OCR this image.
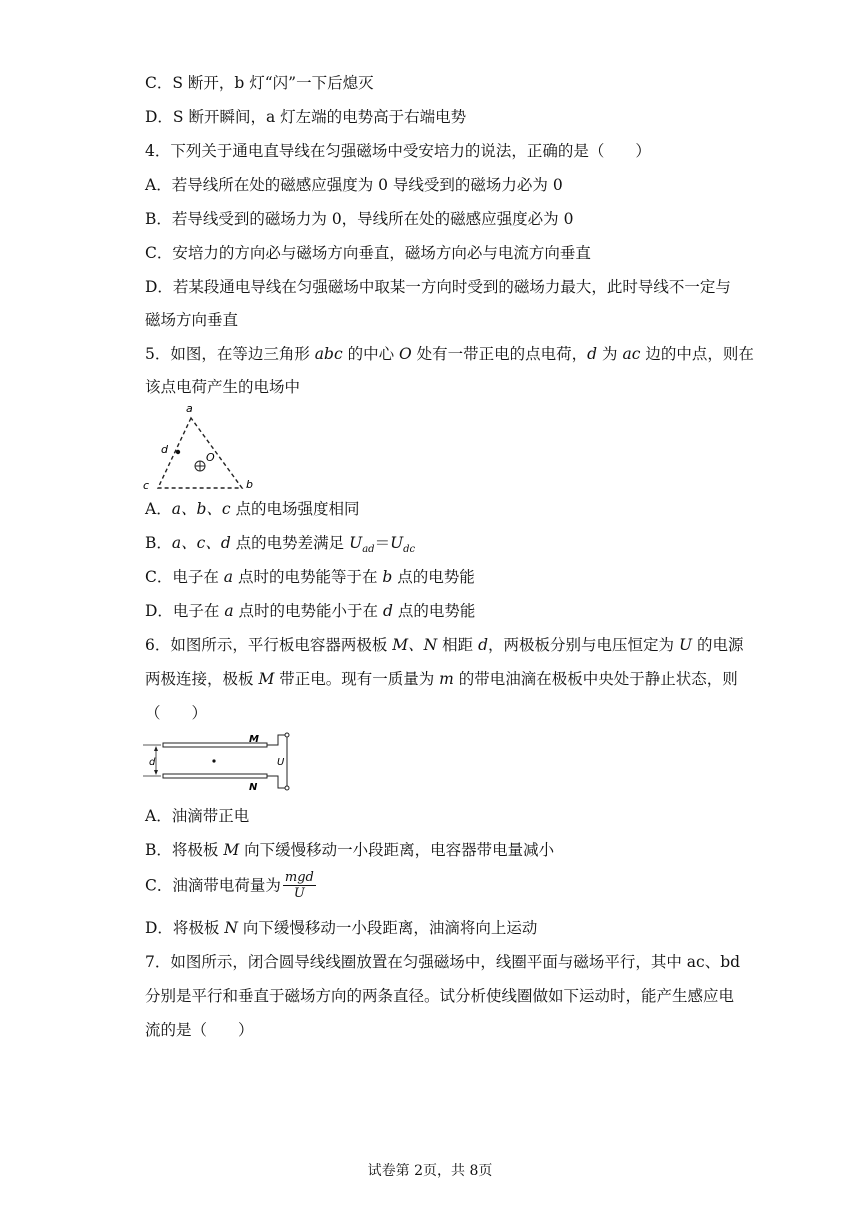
C．S 断开，b 灯“闪”一下后熄灭
D．S 断开瞬间，a 灯左端的电势高于右端电势
4．下列关于通电直导线在匀强磁场中受安培力的说法，正确的是（　　）
A．若导线所在处的磁感应强度为 0 导线受到的磁场力必为 0
B．若导线受到的磁场力为 0，导线所在处的磁感应强度必为 0
C．安培力的方向必与磁场方向垂直，磁场方向必与电流方向垂直
D．若某段通电导线在匀强磁场中取某一方向时受到的磁场力最大，此时导线不一定与
磁场方向垂直
5．如图，在等边三角形 abc 的中心 O 处有一带正电的点电荷，d 为 ac 边的中点，则在
该点电荷产生的电场中
a
b
c
d
O
A．a、b、c 点的电场强度相同
B．a、c、d 点的电势差满足 $U_{ad}=U_{dc}$
C．电子在 a 点时的电势能等于在 b 点的电势能
D．电子在 a 点时的电势能小于在 d 点的电势能
6．如图所示，平行板电容器两极板 M、N 相距 d，两极板分别与电压恒定为 U 的电源
两极连接，极板 M 带正电。现有一质量为 m 的带电油滴在极板中央处于静止状态，则
（　　）
M
N
d	U
A．油滴带正电
B．将极板 M 向下缓慢移动一小段距离，电容器带电量减小
C．油滴带电荷量为 $\frac{\text{mgd}}{U}$
D．将极板 N 向下缓慢移动一小段距离，油滴将向上运动
7．如图所示，闭合圆导线线圈放置在匀强磁场中，线圈平面与磁场平行，其中 ac、bd
分别是平行和垂直于磁场方向的两条直径。试分析使线圈做如下运动时，能产生感应电
流的是（　　）
试卷第 2页，共 8页
